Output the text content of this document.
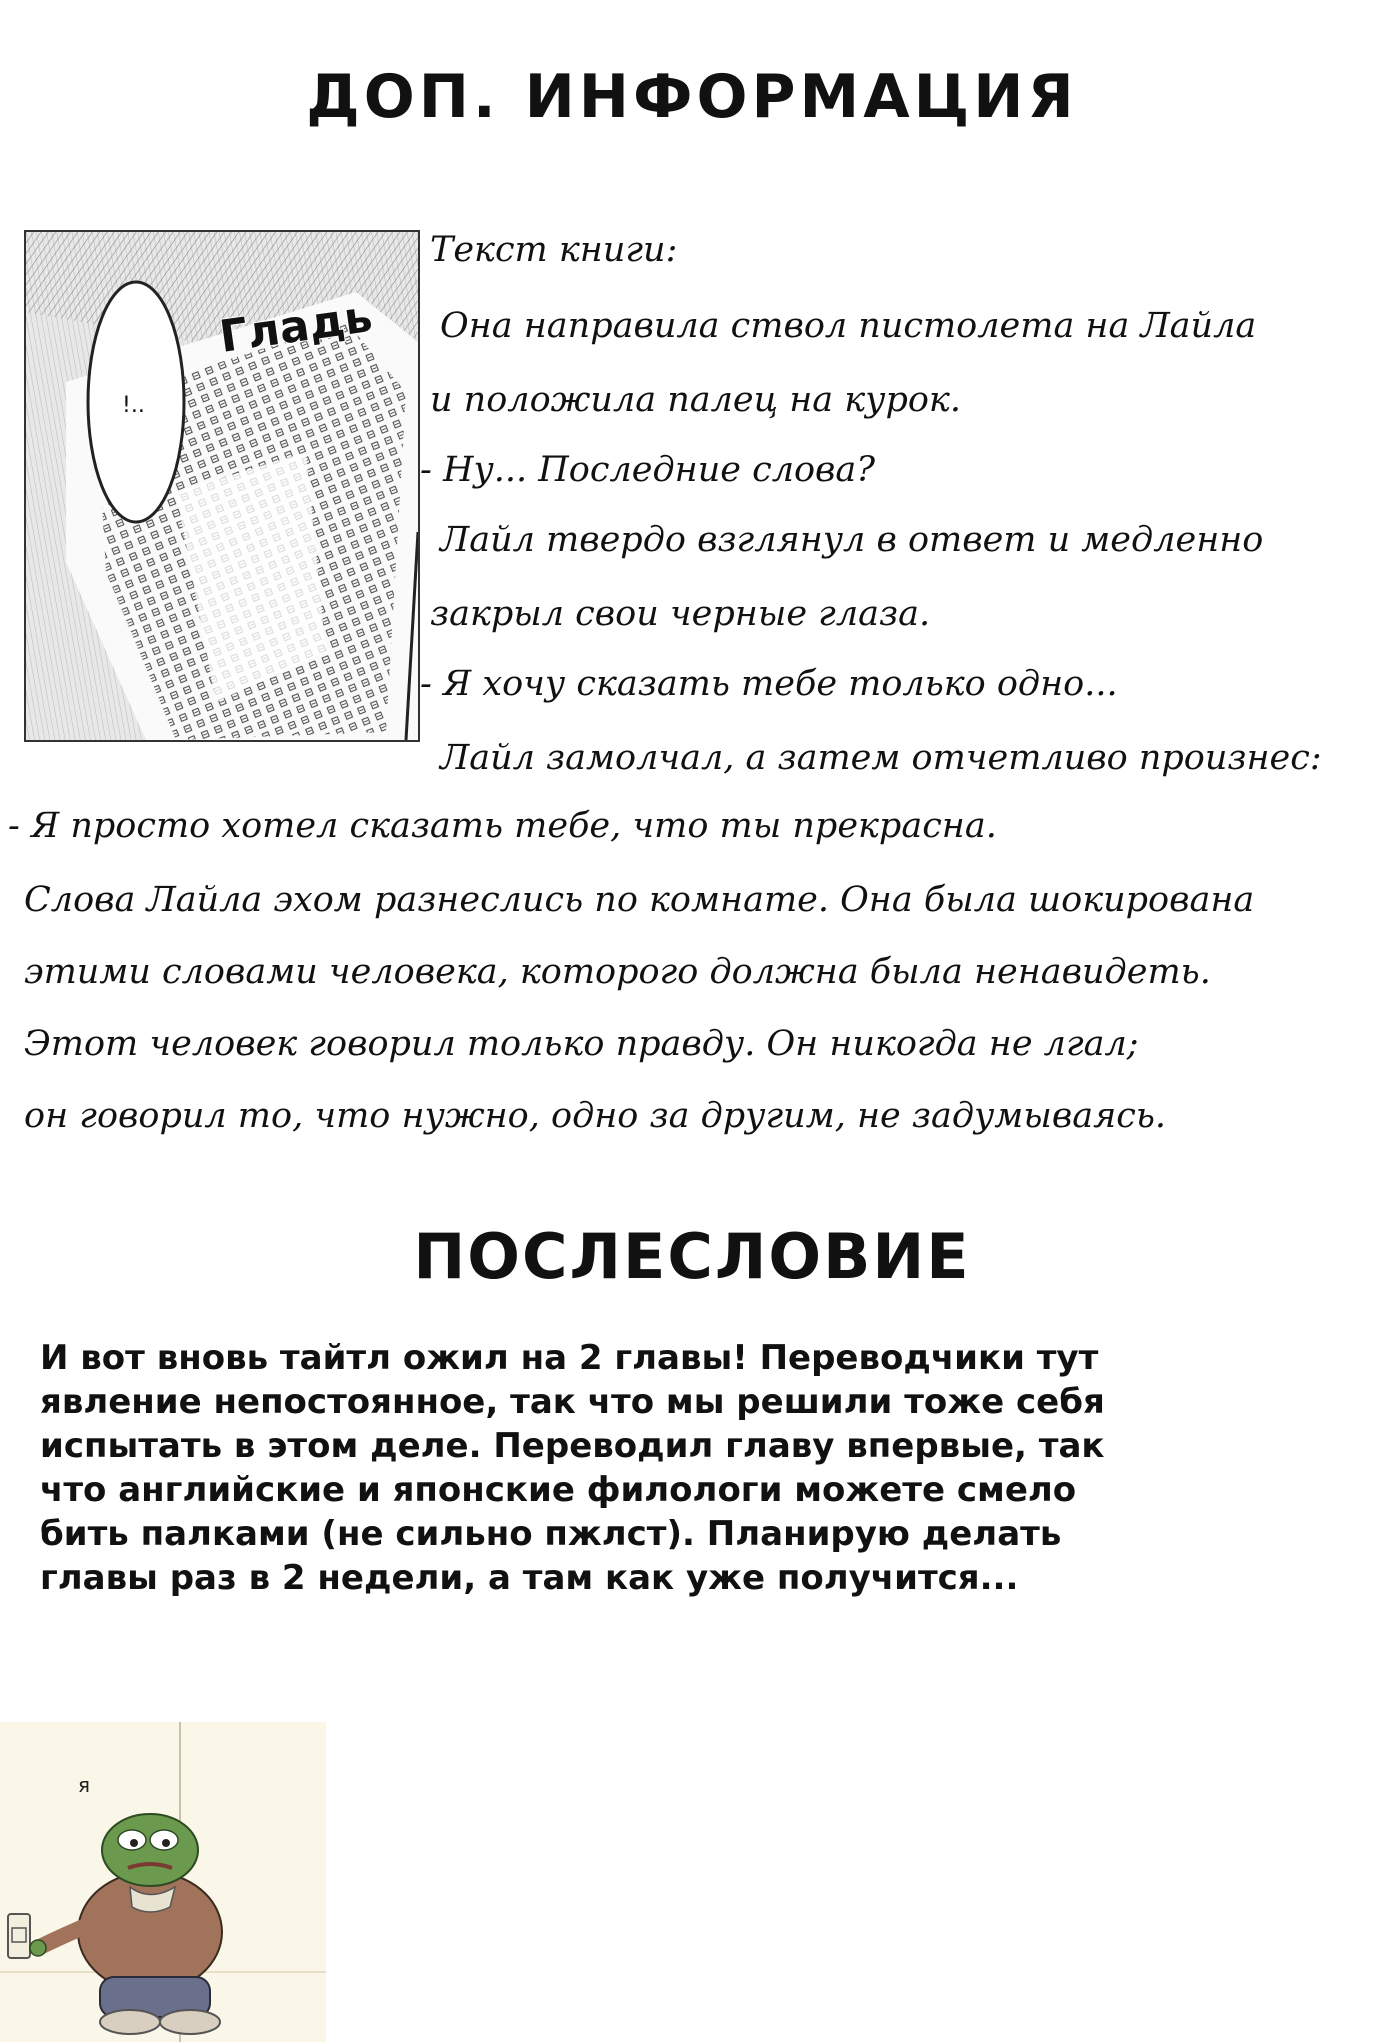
ДОП. ИНФОРМАЦИЯ
!..
Гладь

Текст книги:

Она направила ствол пистолета на Лайла

и положила палец на курок.

- Ну... Последние слова?

Лайл твердо взглянул в ответ и медленно

закрыл свои черные глаза.

- Я хочу сказать тебе только одно...

Лайл замолчал, а затем отчетливо произнес:

- Я просто хотел сказать тебе, что ты прекрасна.

Слова Лайла эхом разнеслись по комнате. Она была шокирована

этими словами человека, которого должна была ненавидеть.

Этот человек говорил только правду. Он никогда не лгал;

он говорил то, что нужно, одно за другим, не задумываясь.

ПОСЛЕСЛОВИЕ
И вот вновь тайтл ожил на 2 главы! Переводчики тут
явление непостоянное, так что мы решили тоже себя
испытать в этом деле. Переводил главу впервые, так
что английские и японские филологи можете смело
бить палками (не сильно пжлст). Планирую делать
главы раз в 2 недели, а там как уже получится...
я
